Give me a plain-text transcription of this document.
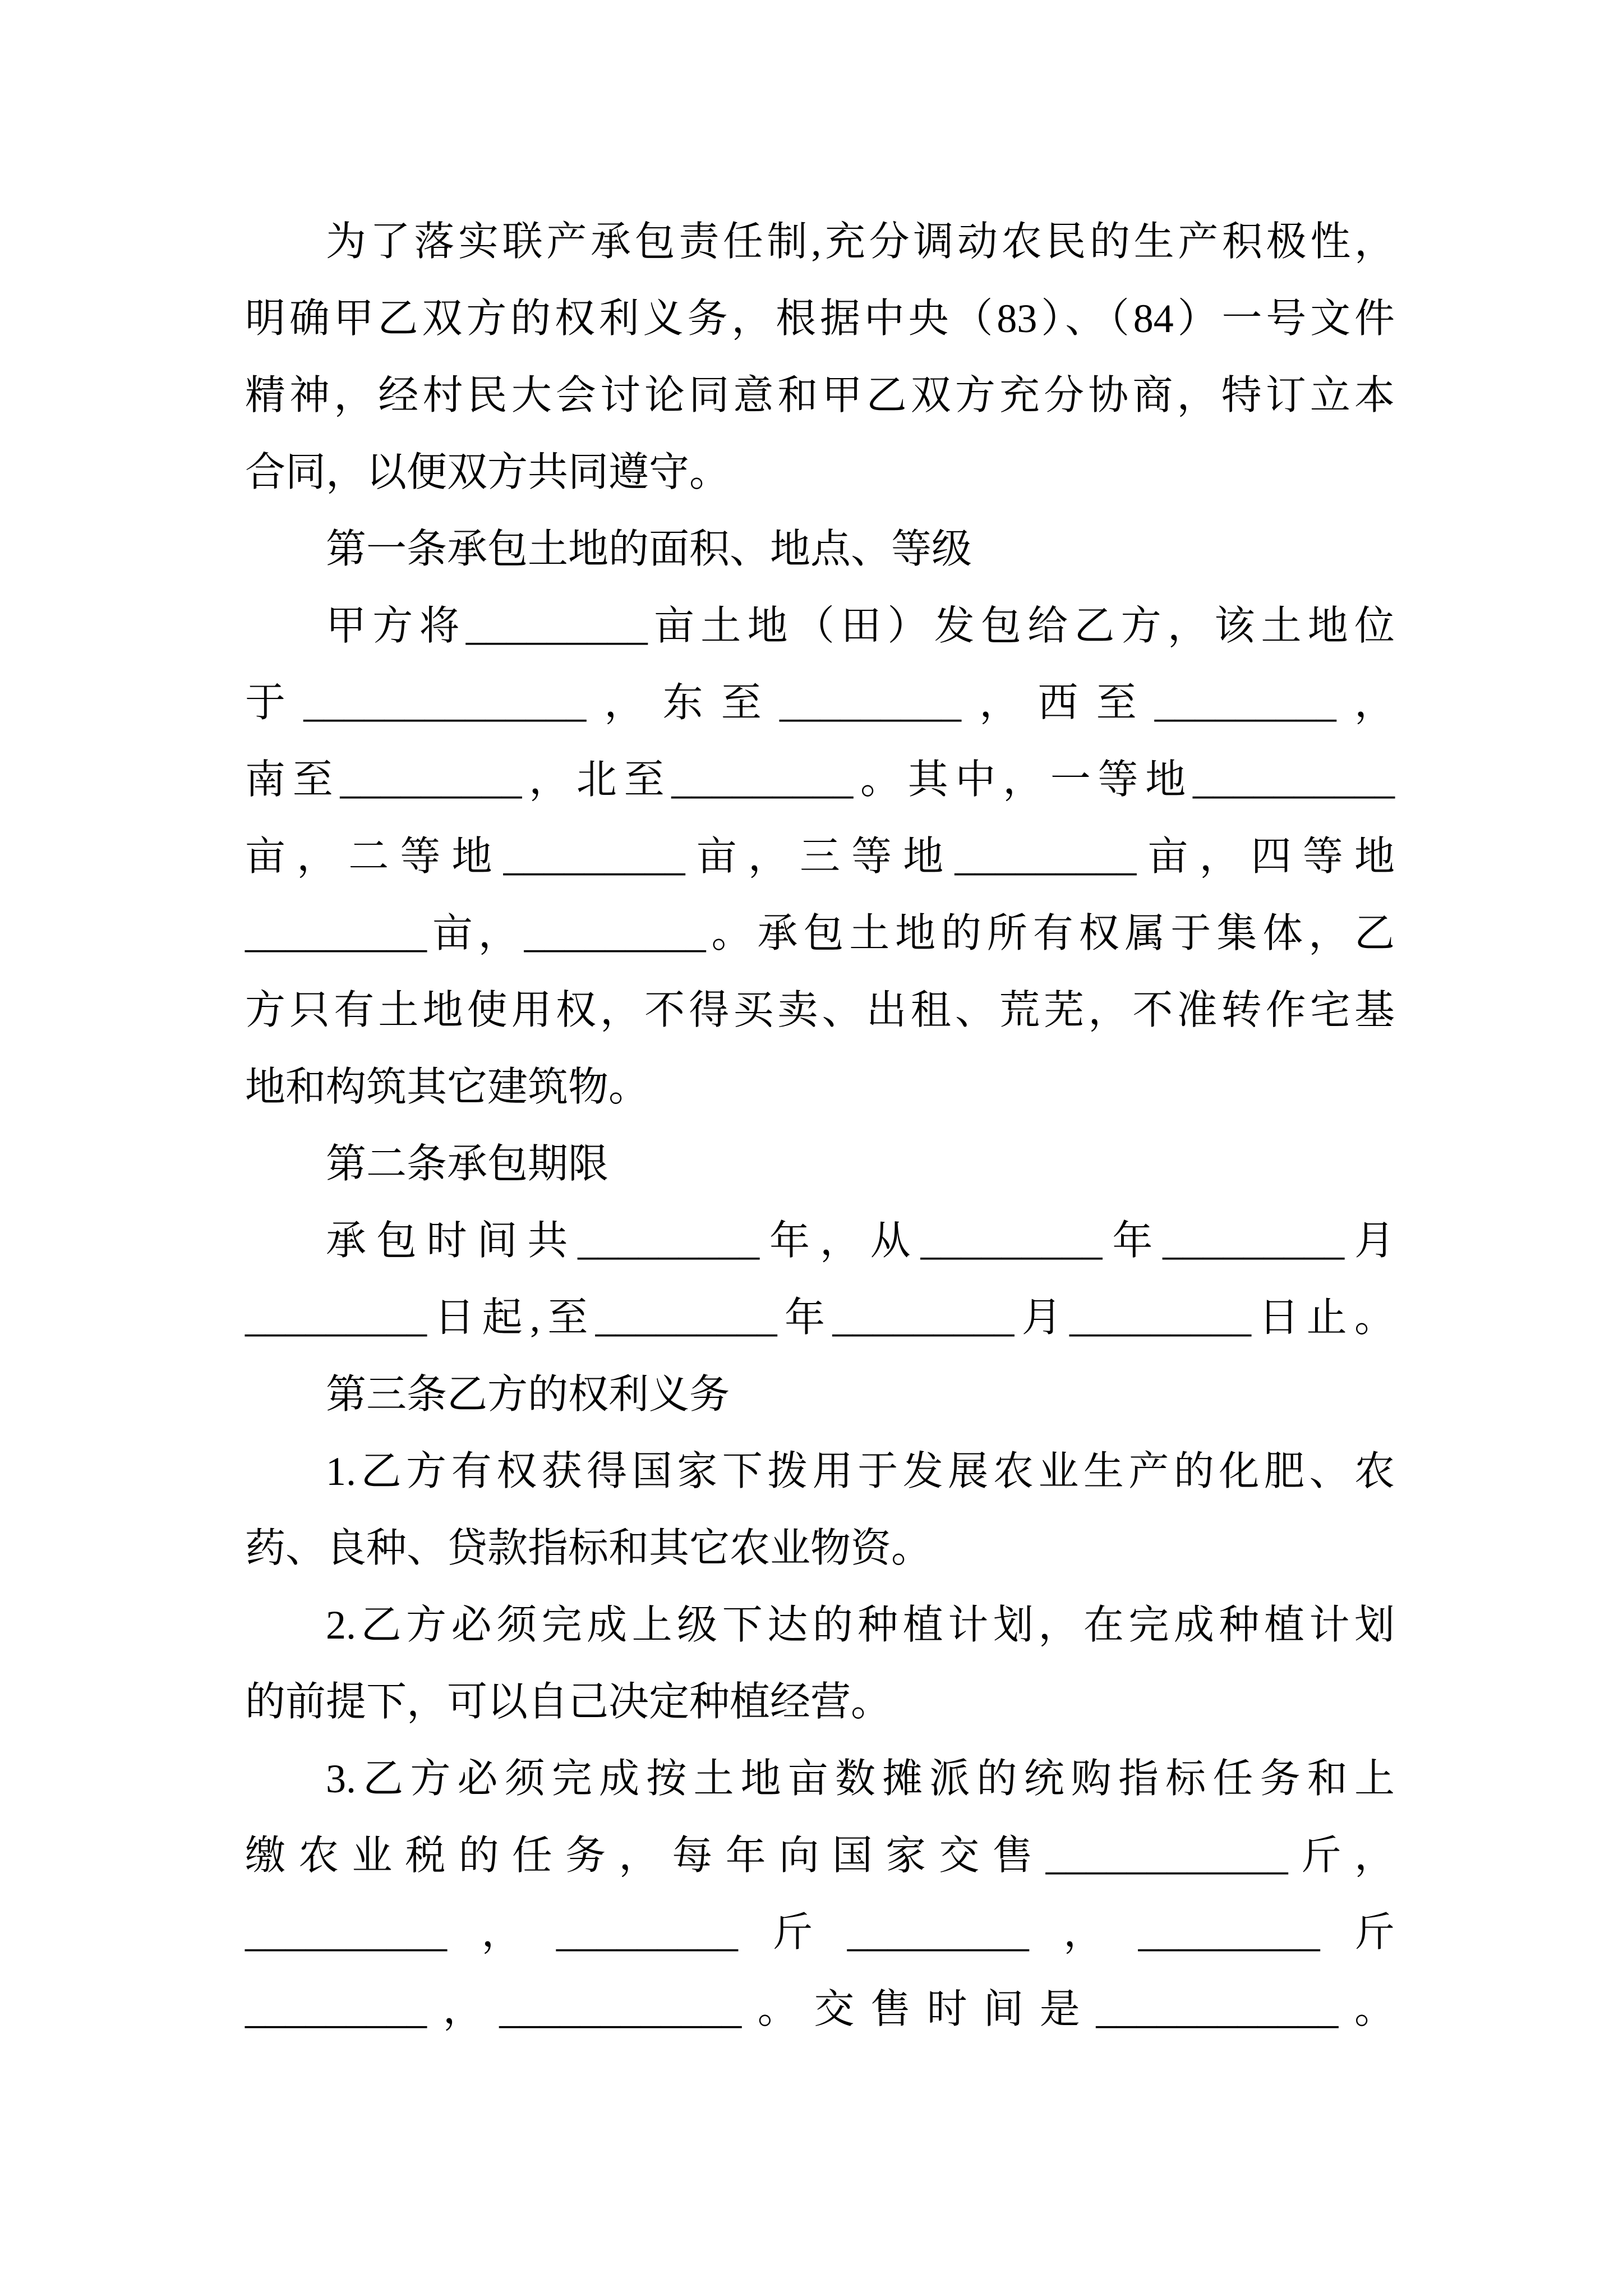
为了落实联产承包责任制,充分调动农民的生产积极性，
明确甲乙双方的权利义务，根据中央（83）、（84）一号文件
精神，经村民大会讨论同意和甲乙双方充分协商，特订立本
合同，以便双方共同遵守。
第一条承包土地的面积、地点、等级
甲方将_________亩土地（田）发包给乙方，该土地位
于______________，东至_________，西至_________，
南至_________，北至_________。其中，一等地__________
亩，二等地_________亩，三等地_________亩，四等地
_________亩，_________。承包土地的所有权属于集体，乙
方只有土地使用权，不得买卖、出租、荒芜，不准转作宅基
地和构筑其它建筑物。
第二条承包期限
承包时间共_________年，从_________年_________月
_________日起,至_________年_________月_________日止。
第三条乙方的权利义务
1.乙方有权获得国家下拨用于发展农业生产的化肥、农
药、良种、贷款指标和其它农业物资。
2.乙方必须完成上级下达的种植计划，在完成种植计划
的前提下，可以自己决定种植经营。
3.乙方必须完成按土地亩数摊派的统购指标任务和上
缴农业税的任务，每年向国家交售____________斤，
__________，_________斤_________，_________斤
_________，____________。交售时间是____________。
